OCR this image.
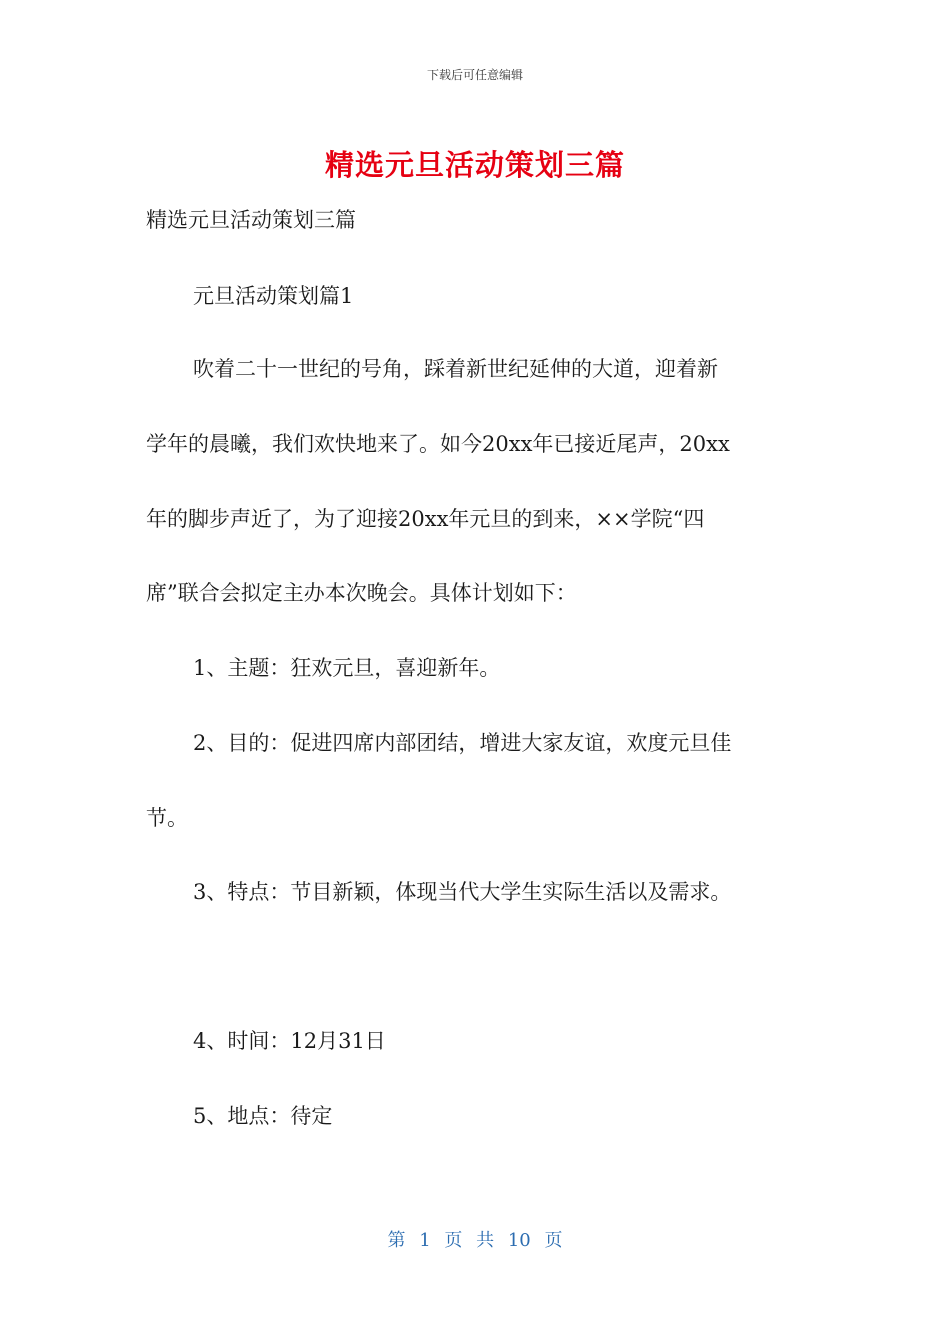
下载后可任意编辑
精选元旦活动策划三篇
精选元旦活动策划三篇
元旦活动策划篇1
吹着二十一世纪的号角，踩着新世纪延伸的大道，迎着新
学年的晨曦，我们欢快地来了。如今20xx年已接近尾声，20xx
年的脚步声近了，为了迎接20xx年元旦的到来，××学院“四
席”联合会拟定主办本次晚会。具体计划如下：
1、主题：狂欢元旦，喜迎新年。
2、目的：促进四席内部团结，增进大家友谊，欢度元旦佳
节。
3、特点：节目新颖，体现当代大学生实际生活以及需求。
4、时间：12月31日
5、地点：待定
第 1 页 共 10 页
